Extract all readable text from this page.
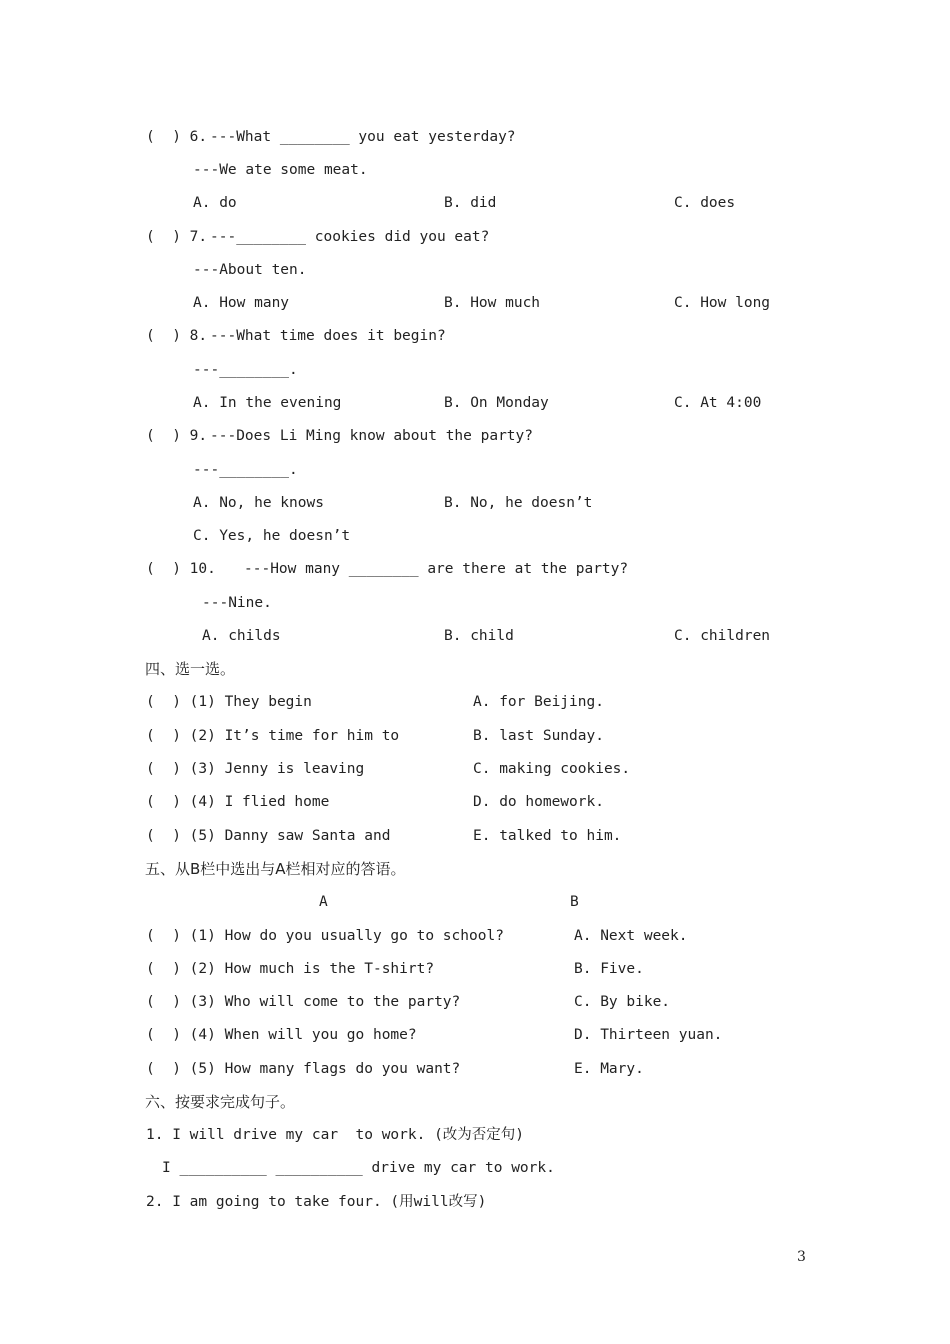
(  ) 6. ---What ________ you eat yesterday?
---We ate some meat.
A. do	B. did	C. does
(  ) 7. ---________ cookies did you eat?
---About ten.
A. How many	B. How much	C. How long
(  ) 8. ---What time does it begin?
---________.
A. In the evening	B. On Monday	C. At 4:00
(  ) 9. ---Does Li Ming know about the party?
---________.
A. No, he knows	B. No, he doesn’t
C. Yes, he doesn’t
(  ) 10. ---How many ________ are there at the party?
---Nine.
A. childs	B. child	C. children
四、选一选。
(  ) (1) They begin	A. for Beijing.
(  ) (2) It’s time for him to	B. last Sunday.
(  ) (3) Jenny is leaving	C. making cookies.
(  ) (4) I flied home	D. do homework.
(  ) (5) Danny saw Santa and	E. talked to him.
五、从B栏中选出与A栏相对应的答语。
A	B
(  ) (1) How do you usually go to school?	A. Next week.
(  ) (2) How much is the T-shirt?	B. Five.
(  ) (3) Who will come to the party?	C. By bike.
(  ) (4) When will you go home?	D. Thirteen yuan.
(  ) (5) How many flags do you want?	E. Mary.
六、按要求完成句子。
1. I will drive my car  to work. (改为否定句)
I __________ __________ drive my car to work.
2. I am going to take four. (用will改写)
3
